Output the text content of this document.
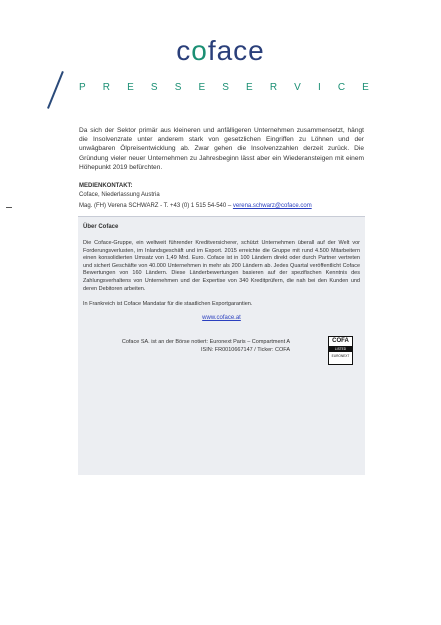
coface
P R E S S E S E R V I C E
Da sich der Sektor primär aus kleineren und anfälligeren Unternehmen zusammensetzt, hängt die Insolvenzrate unter anderem stark von gesetzlichen Eingriffen zu Löhnen und der unwägbaren Ölpreisentwicklung ab. Zwar gehen die Insolvenzzahlen derzeit zurück. Die Gründung vieler neuer Unternehmen zu Jahresbeginn lässt aber ein Wiederansteigen mit einem Höhepunkt 2019 befürchten.
MEDIENKONTAKT:
Coface, Niederlassung Austria
Mag. (FH) Verena SCHWARZ - T. +43 (0) 1 515 54-540 – verena.schwarz@coface.com
Über Coface
Die Coface-Gruppe, ein weltweit führender Kreditversicherer, schützt Unternehmen überall auf der Welt vor Forderungsverlusten, im Inlandsgeschäft und im Export. 2015 erreichte die Gruppe mit rund 4.500 Mitarbeitern einen konsolidierten Umsatz von 1,49 Mrd. Euro. Coface ist in 100 Ländern direkt oder durch Partner vertreten und sichert Geschäfte von 40.000 Unternehmen in mehr als 200 Ländern ab. Jedes Quartal veröffentlicht Coface Bewertungen von 160 Ländern. Diese Länderbewertungen basieren auf der spezifischen Kenntnis des Zahlungsverhaltens von Unternehmen und der Expertise von 340 Kreditprüfern, die nah bei den Kunden und deren Debitoren arbeiten.
In Frankreich ist Coface Mandatar für die staatlichen Exportgarantien.
www.coface.at
Coface SA. ist an der Börse notiert: Euronext Paris – Compartment A
ISIN: FR0010667147 / Ticker: COFA
COFA
LISTED
EURONEXT
